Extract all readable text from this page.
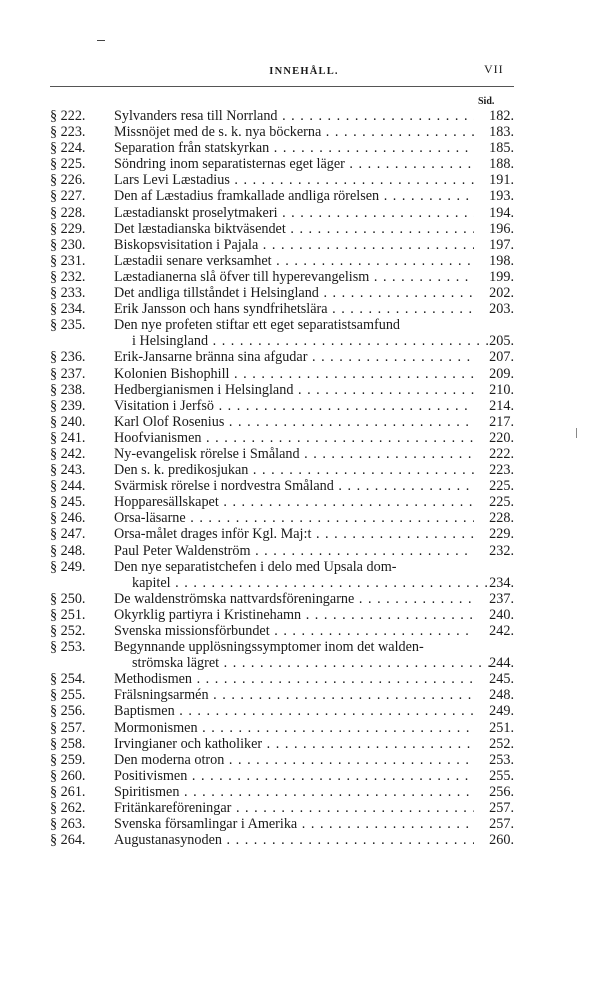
INNEHÅLL.	VII
Sid.
§ 222. Sylvanders resa till Norrland . . .	182.
§ 223. Missnöjet med de s. k. nya böckerna . . .	183.
§ 224. Separation från statskyrkan . . .	185.
§ 225. Söndring inom separatisternas eget läger . . .	188.
§ 226. Lars Levi Læstadius . . .	191.
§ 227. Den af Læstadius framkallade andliga rörelsen . . .	193.
§ 228. Læstadianskt proselytmakeri . . .	194.
§ 229. Det læstadianska biktväsendet . . .	196.
§ 230. Biskopsvisitation i Pajala . . .	197.
§ 231. Læstadii senare verksamhet . . .	198.
§ 232. Læstadianerna slå öfver till hyperevangelism . . .	199.
§ 233. Det andliga tillståndet i Helsingland . . .	202.
§ 234. Erik Jansson och hans syndfrihetslära . . .	203.
§ 235. Den nye profeten stiftar ett eget separatistsamfund
i Helsingland . . .	205.
§ 236. Erik-Jansarne bränna sina afgudar . . .	207.
§ 237. Kolonien Bishophill . . .	209.
§ 238. Hedbergianismen i Helsingland . . .	210.
§ 239. Visitation i Jerfsö . . .	214.
§ 240. Karl Olof Rosenius . . .	217.
§ 241. Hoofvianismen . . .	220.
§ 242. Ny-evangelisk rörelse i Småland . . .	222.
§ 243. Den s. k. predikosjukan . . .	223.
§ 244. Svärmisk rörelse i nordvestra Småland . . .	225.
§ 245. Hopparesällskapet . . .	225.
§ 246. Orsa-läsarne . . .	228.
§ 247. Orsa-målet drages inför Kgl. Maj:t . . .	229.
§ 248. Paul Peter Waldenström . . .	232.
§ 249. Den nye separatistchefen i delo med Upsala dom-
kapitel . . .	234.
§ 250. De waldenströmska nattvardsföreningarne . . .	237.
§ 251. Okyrklig partiyra i Kristinehamn . . .	240.
§ 252. Svenska missionsförbundet . . .	242.
§ 253. Begynnande upplösningssymptomer inom det walden-
strömska lägret . . .	244.
§ 254. Methodismen . . .	245.
§ 255. Frälsningsarmén . . .	248.
§ 256. Baptismen . . .	249.
§ 257. Mormonismen . . .	251.
§ 258. Irvingianer och katholiker . . .	252.
§ 259. Den moderna otron . . .	253.
§ 260. Positivismen . . .	255.
§ 261. Spiritismen . . .	256.
§ 262. Fritänkareföreningar . . .	257.
§ 263. Svenska församlingar i Amerika . . .	257.
§ 264. Augustanasynoden . . .	260.
